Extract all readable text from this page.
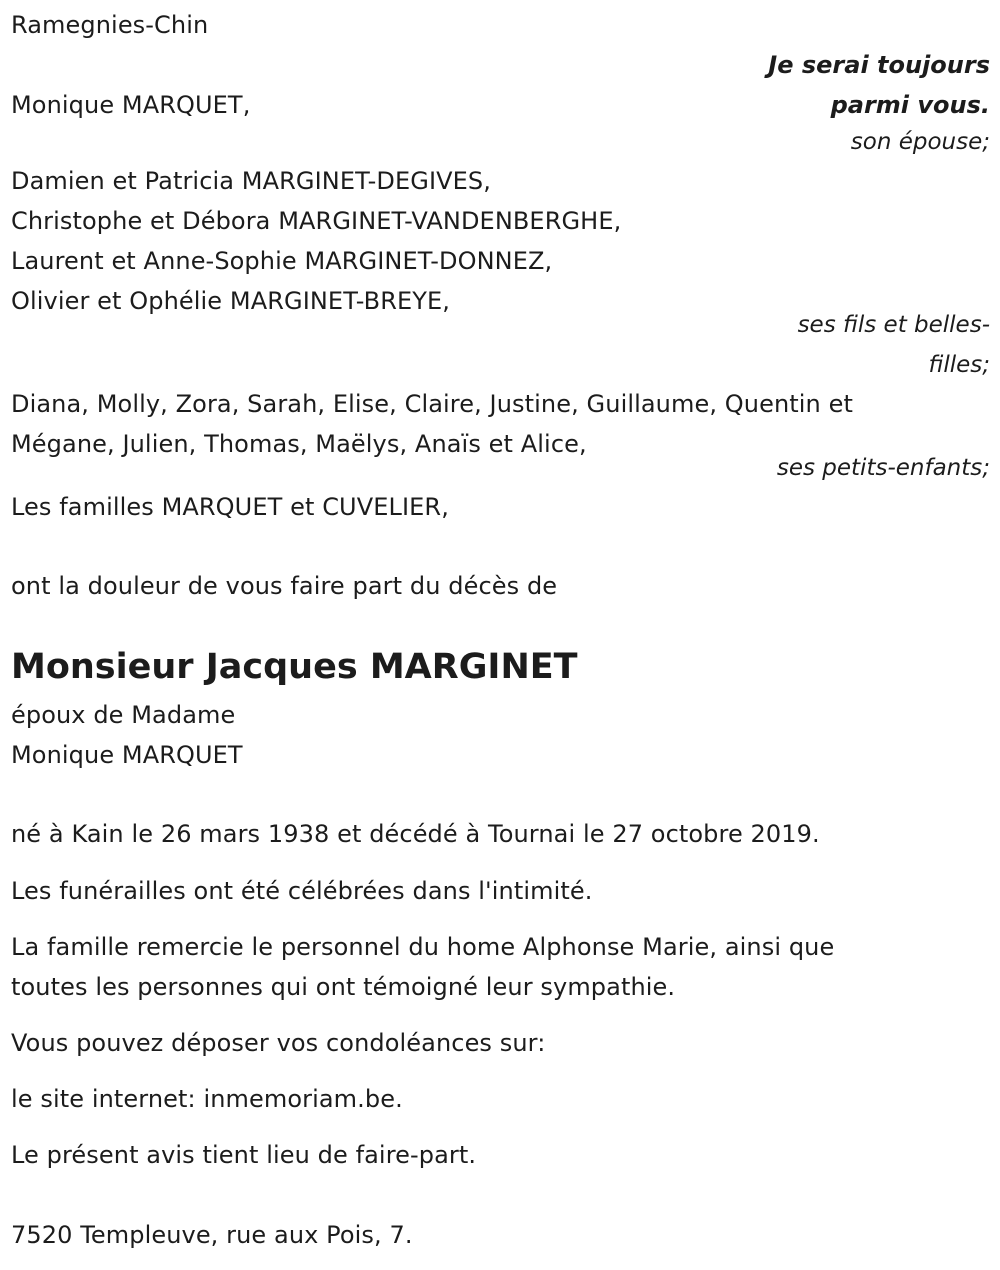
Ramegnies-Chin
Je serai toujours
parmi vous.
Monique MARQUET,
son épouse;
Damien et Patricia MARGINET-DEGIVES,
Christophe et Débora MARGINET-VANDENBERGHE,
Laurent et Anne-Sophie MARGINET-DONNEZ,
Olivier et Ophélie MARGINET-BREYE,
ses fils et belles-
filles;
Diana, Molly, Zora, Sarah, Elise, Claire, Justine, Guillaume, Quentin et
Mégane, Julien, Thomas, Maëlys, Anaïs et Alice,
ses petits-enfants;
Les familles MARQUET et CUVELIER,
ont la douleur de vous faire part du décès de
Monsieur Jacques MARGINET
époux de Madame
Monique MARQUET
né à Kain le 26 mars 1938 et décédé à Tournai le 27 octobre 2019.
Les funérailles ont été célébrées dans l'intimité.
La famille remercie le personnel du home Alphonse Marie, ainsi que
toutes les personnes qui ont témoigné leur sympathie.
Vous pouvez déposer vos condoléances sur:
le site internet: inmemoriam.be.
Le présent avis tient lieu de faire-part.
7520 Templeuve, rue aux Pois, 7.
